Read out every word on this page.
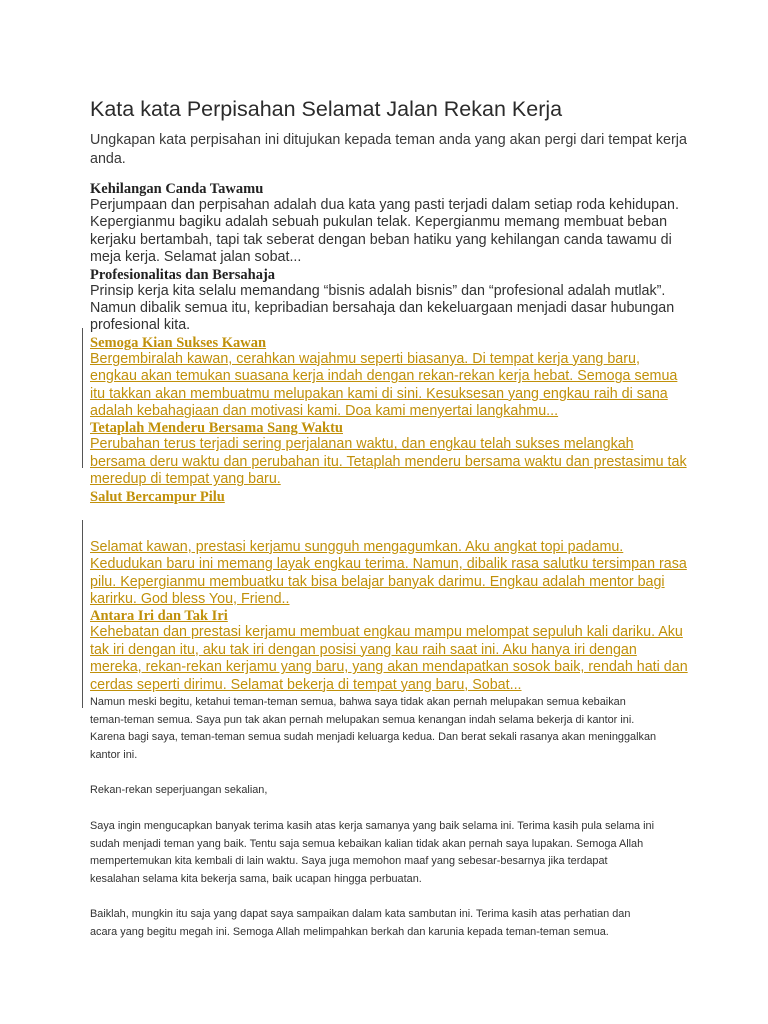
Kata kata Perpisahan Selamat Jalan Rekan Kerja

Ungkapan kata perpisahan ini ditujukan kepada teman anda yang akan pergi dari tempat kerja anda.

Kehilangan Canda Tawamu

Perjumpaan dan perpisahan adalah dua kata yang pasti terjadi dalam setiap roda kehidupan. Kepergianmu bagiku adalah sebuah pukulan telak. Kepergianmu memang membuat beban kerjaku bertambah, tapi tak seberat dengan beban hatiku yang kehilangan canda tawamu di meja kerja. Selamat jalan sobat...

Profesionalitas dan Bersahaja

Prinsip kerja kita selalu memandang “bisnis adalah bisnis” dan “profesional adalah mutlak”. Namun dibalik semua itu, kepribadian bersahaja dan kekeluargaan menjadi dasar hubungan profesional kita.

Semoga Kian Sukses Kawan

Bergembiralah kawan, cerahkan wajahmu seperti biasanya. Di tempat kerja yang baru, engkau akan temukan suasana kerja indah dengan rekan-rekan kerja hebat. Semoga semua itu takkan akan membuatmu melupakan kami di sini. Kesuksesan yang engkau raih di sana adalah kebahagiaan dan motivasi kami. Doa kami menyertai langkahmu...

Tetaplah Menderu Bersama Sang Waktu

Perubahan terus terjadi sering perjalanan waktu, dan engkau telah sukses melangkah bersama deru waktu dan perubahan itu. Tetaplah menderu bersama waktu dan prestasimu tak meredup di tempat yang baru.

Salut Bercampur Pilu

Selamat kawan, prestasi kerjamu sungguh mengagumkan. Aku angkat topi padamu. Kedudukan baru ini memang layak engkau terima. Namun, dibalik rasa salutku tersimpan rasa pilu. Kepergianmu membuatku tak bisa belajar banyak darimu. Engkau adalah mentor bagi karirku. God bless You, Friend..

Antara Iri dan Tak Iri

Kehebatan dan prestasi kerjamu membuat engkau mampu melompat sepuluh kali dariku. Aku tak iri dengan itu, aku tak iri dengan posisi yang kau raih saat ini. Aku hanya iri dengan mereka, rekan-rekan kerjamu yang baru, yang akan mendapatkan sosok baik, rendah hati dan cerdas seperti dirimu. Selamat bekerja di tempat yang baru, Sobat...

Namun meski begitu, ketahui teman-teman semua, bahwa saya tidak akan pernah melupakan semua kebaikan

teman-teman semua. Saya pun tak akan pernah melupakan semua kenangan indah selama bekerja di kantor ini.

Karena bagi saya, teman-teman semua sudah menjadi keluarga kedua. Dan berat sekali rasanya akan meninggalkan

kantor ini.

Rekan-rekan seperjuangan sekalian,

Saya ingin mengucapkan banyak terima kasih atas kerja samanya yang baik selama ini. Terima kasih pula selama ini

sudah menjadi teman yang baik. Tentu saja semua kebaikan kalian tidak akan pernah saya lupakan. Semoga Allah

mempertemukan kita kembali di lain waktu. Saya juga memohon maaf yang sebesar-besarnya jika terdapat

kesalahan selama kita bekerja sama, baik ucapan hingga perbuatan.

Baiklah, mungkin itu saja yang dapat saya sampaikan dalam kata sambutan ini. Terima kasih atas perhatian dan

acara yang begitu megah ini. Semoga Allah melimpahkan berkah dan karunia kepada teman-teman semua.
